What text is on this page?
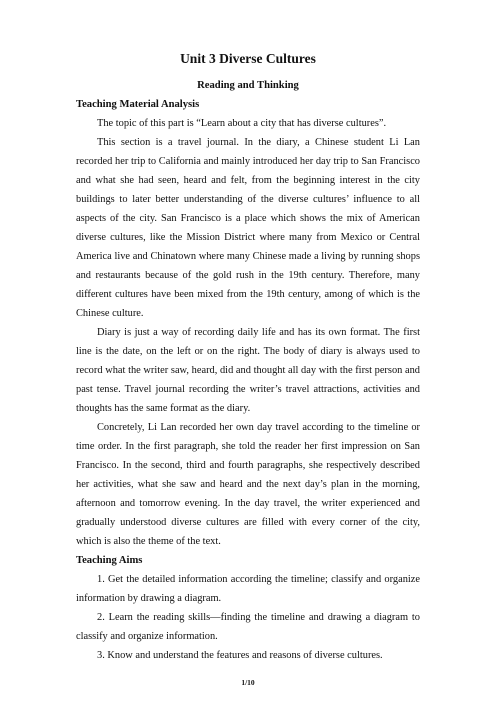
Unit 3 Diverse Cultures
Reading and Thinking

Teaching Material Analysis

The topic of this part is “Learn about a city that has diverse cultures”.

This section is a travel journal. In the diary, a Chinese student Li Lan recorded her trip to California and mainly introduced her day trip to San Francisco and what she had seen, heard and felt, from the beginning interest in the city buildings to later better understanding of the diverse cultures’ influence to all aspects of the city. San Francisco is a place which shows the mix of American diverse cultures, like the Mission District where many from Mexico or Central America live and Chinatown where many Chinese made a living by running shops and restaurants because of the gold rush in the 19th century. Therefore, many different cultures have been mixed from the 19th century, among of which is the Chinese culture.

Diary is just a way of recording daily life and has its own format. The first line is the date, on the left or on the right. The body of diary is always used to record what the writer saw, heard, did and thought all day with the first person and past tense. Travel journal recording the writer’s travel attractions, activities and thoughts has the same format as the diary.

Concretely, Li Lan recorded her own day travel according to the timeline or time order. In the first paragraph, she told the reader her first impression on San Francisco. In the second, third and fourth paragraphs, she respectively described her activities, what she saw and heard and the next day’s plan in the morning, afternoon and tomorrow evening. In the day travel, the writer experienced and gradually understood diverse cultures are filled with every corner of the city, which is also the theme of the text.

Teaching Aims

1. Get the detailed information according the timeline; classify and organize information by drawing a diagram.

2. Learn the reading skills—finding the timeline and drawing a diagram to classify and organize information.

3. Know and understand the features and reasons of diverse cultures.

1/10
